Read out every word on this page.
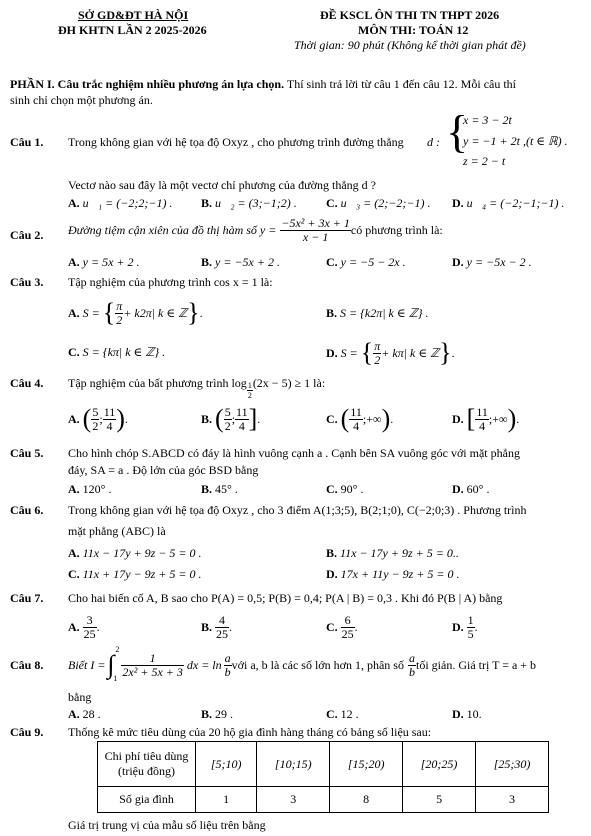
SỞ GD&ĐT HÀ NỘI
ĐH KHTN LẦN 2 2025-2026
ĐỀ KSCL ÔN THI TN THPT 2026
MÔN THI: TOÁN 12
Thời gian: 90 phút (Không kể thời gian phát đề)
PHẦN I. Câu trắc nghiệm nhiều phương án lựa chọn. Thí sinh trả lời từ câu 1 đến câu 12. Mỗi câu thí
sinh chỉ chọn một phương án.
Câu 1. Trong không gian với hệ tọa độ Oxyz , cho phương trình đường thẳng d : {
x = 3 − 2t
y = −1 + 2t ,(t ∈ ℝ) .
z = 2 − t
Vectơ nào sau đây là một vectơ chỉ phương của đường thẳng d ?
A. u⃗₁ = (−2;2;−1) . B. u⃗₂ = (3;−1;2) . C. u⃗₃ = (2;−2;−1) . D. u⃗₄ = (−2;−1;−1) .
Câu 2. Đường tiệm cận xiên của đồ thị hàm số $y = \frac{\text{−5x² + 3x + 1}}{x - 1}$ có phương trình là:
A. y = 5x + 2 .	B. y = −5x + 2 .	C. y = −5 − 2x .	D. y = −5x − 2 .
Câu 3. Tập nghiệm của phương trình cos x = 1 là:
A.
S =
{ $\frac{\pi}{2} + k2\pi|$ k ∈ ℤ } .	B. S = {k2π| k ∈ ℤ} .
C. S = {kπ| k ∈ ℤ} .	D.
S =
{ $\frac{\pi}{2} + k\pi|$ k ∈ ℤ } .
Câu 4. Tập nghiệm của bất phương trình $\log \frac{1}{2} (2x - 5) \ge 1$ là:
A.
( $\frac{5}{2}$ ; $\frac{11}{4}$ ) .	B.
( $\frac{5}{2}$ ; $\frac{11}{4}$ ] .	C.
( $\frac{11}{4}$ ;+∞ ) .	D.
[ $\frac{11}{4}$ ;+∞ ) .
Câu 5. Cho hình chóp S.ABCD có đáy là hình vuông cạnh a . Cạnh bên SA vuông góc với mặt phẳng
đáy, SA = a . Độ lớn của góc BSD bằng
A. 120° .	B. 45° .	C. 90° .	D. 60° .
Câu 6. Trong không gian với hệ tọa độ Oxyz , cho 3 điểm A(1;3;5), B(2;1;0), C(−2;0;3) . Phương trình
mặt phẳng (ABC) là
A. 11x − 17y + 9z − 5 = 0 .	B. 11x − 17y + 9z + 5 = 0..
C. 11x + 17y − 9z + 5 = 0 .	D. 17x + 11y − 9z + 5 = 0 .
Câu 7. Cho hai biến cố A, B sao cho P(A) = 0,5; P(B) = 0,4; P(A | B) = 0,3 . Khi đó P(B | A) bằng
A.
$\frac{3}{25}$ .	B.
$\frac{4}{25}$ .	C.
$\frac{6}{25}$ .	D.
$\frac{1}{5}$ .
Câu 8. Biết I = ∫
2
$1 \frac{1}{\text{2x² + 5x + 3}}$ dx = $\ln \frac{a}{b}$ với a, b là các số lớn hơn 1, phân số $\frac{a}{b}$ tối giản. Giá trị T = a + b
bằng
A. 28 .	B. 29 .	C. 12 .	D. 10.
Câu 9. Thống kê mức tiêu dùng của 20 hộ gia đình hàng tháng có bảng số liệu sau:
Chi phí tiêu dùng
(triệu đồng)	[5;10)	[10;15)	[15;20)	[20;25)	[25;30)
Số gia đình	1	3	8	5	3
Giá trị trung vị của mẫu số liệu trên bằng
